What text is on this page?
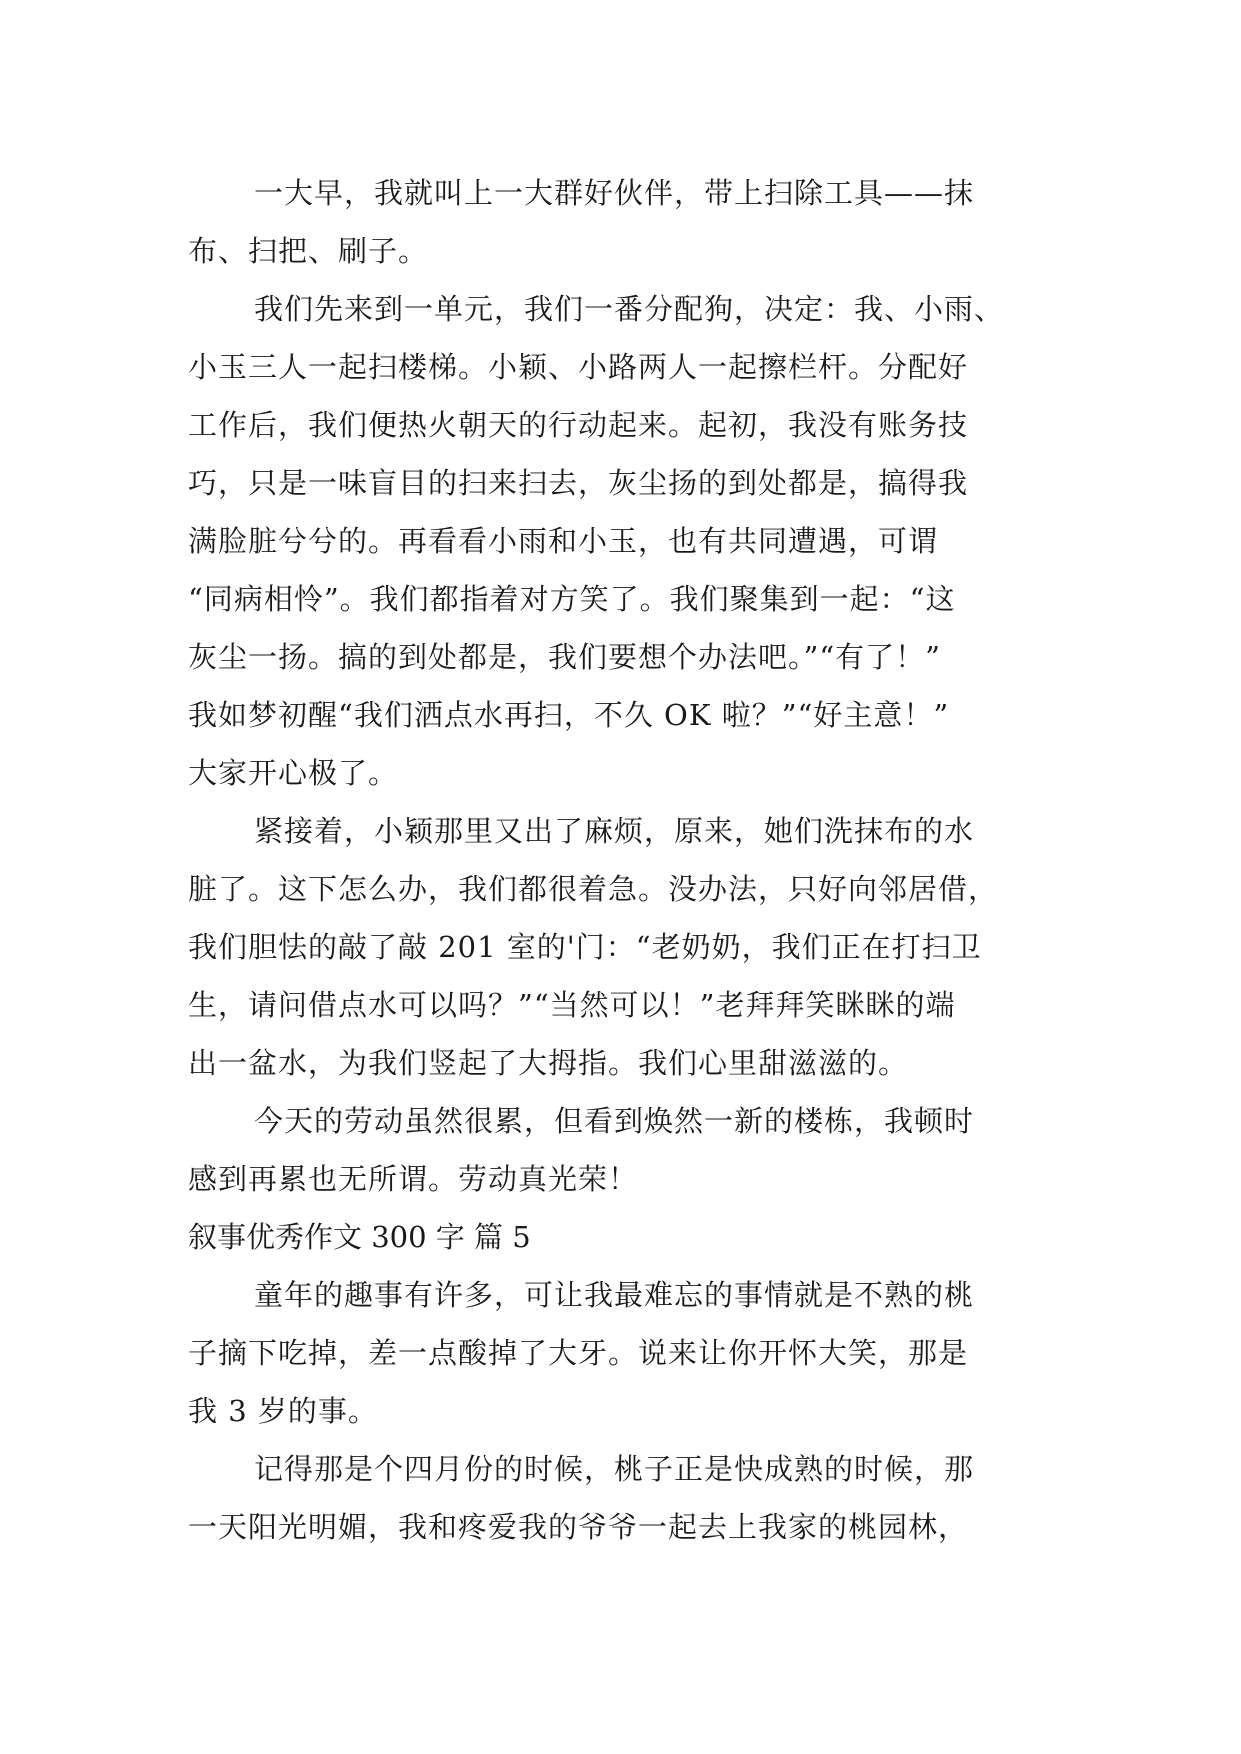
一大早，我就叫上一大群好伙伴，带上扫除工具——抹
布、扫把、刷子。
我们先来到一单元，我们一番分配狗，决定：我、小雨、
小玉三人一起扫楼梯。小颖、小路两人一起擦栏杆。分配好
工作后，我们便热火朝天的行动起来。起初，我没有账务技
巧，只是一味盲目的扫来扫去，灰尘扬的到处都是，搞得我
满脸脏兮兮的。再看看小雨和小玉，也有共同遭遇，可谓
“同病相怜”。我们都指着对方笑了。我们聚集到一起：“这
灰尘一扬。搞的到处都是，我们要想个办法吧。”“有了！”
我如梦初醒“我们洒点水再扫，不久 OK 啦？”“好主意！”
大家开心极了。
紧接着，小颖那里又出了麻烦，原来，她们洗抹布的水
脏了。这下怎么办，我们都很着急。没办法，只好向邻居借，
我们胆怯的敲了敲 201 室的'门：“老奶奶，我们正在打扫卫
生，请问借点水可以吗？”“当然可以！”老拜拜笑眯眯的端
出一盆水，为我们竖起了大拇指。我们心里甜滋滋的。
今天的劳动虽然很累，但看到焕然一新的楼栋，我顿时
感到再累也无所谓。劳动真光荣！
叙事优秀作文 300 字 篇 5
童年的趣事有许多，可让我最难忘的事情就是不熟的桃
子摘下吃掉，差一点酸掉了大牙。说来让你开怀大笑，那是
我 3 岁的事。
记得那是个四月份的时候，桃子正是快成熟的时候，那
一天阳光明媚，我和疼爱我的爷爷一起去上我家的桃园林，
